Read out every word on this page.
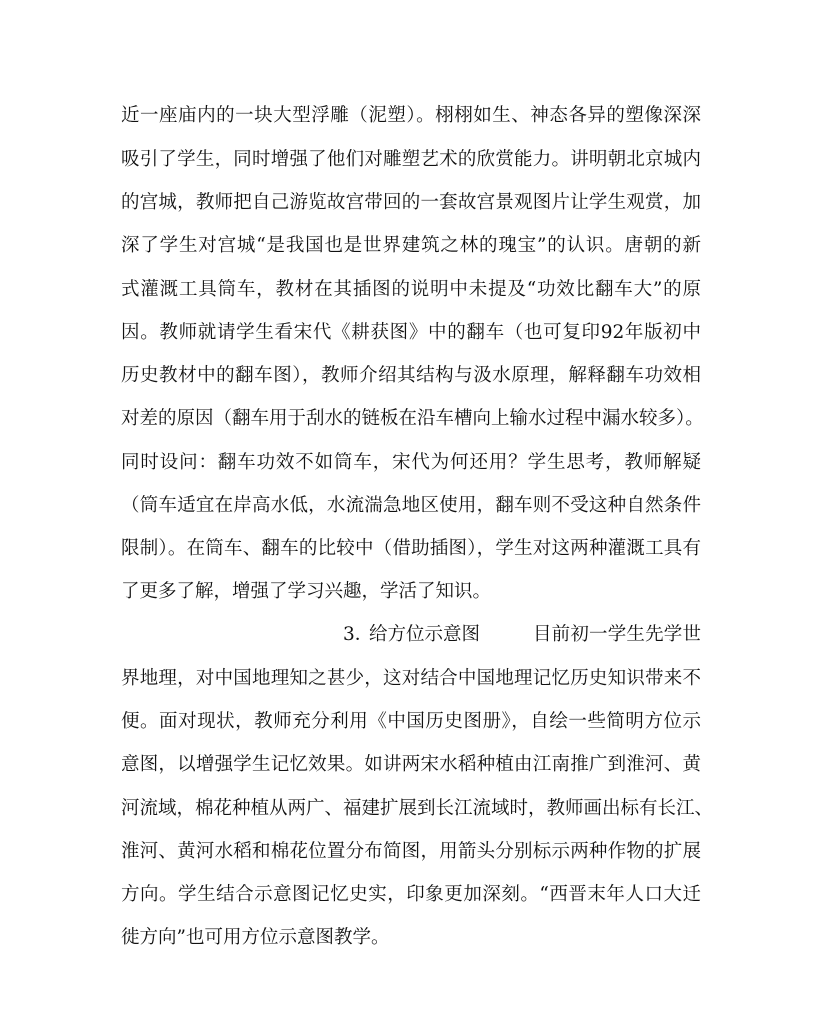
近一座庙内的一块大型浮雕（泥塑）。栩栩如生、神态各异的塑像深深
吸引了学生，同时增强了他们对雕塑艺术的欣赏能力。讲明朝北京城内
的宫城，教师把自己游览故宫带回的一套故宫景观图片让学生观赏，加
深了学生对宫城“是我国也是世界建筑之林的瑰宝”的认识。唐朝的新
式灌溉工具筒车，教材在其插图的说明中未提及“功效比翻车大”的原
因。教师就请学生看宋代《耕获图》中的翻车（也可复印92年版初中
历史教材中的翻车图），教师介绍其结构与汲水原理，解释翻车功效相
对差的原因（翻车用于刮水的链板在沿车槽向上输水过程中漏水较多）。
同时设问：翻车功效不如筒车，宋代为何还用？学生思考，教师解疑
（筒车适宜在岸高水低，水流湍急地区使用，翻车则不受这种自然条件
限制）。在筒车、翻车的比较中（借助插图），学生对这两种灌溉工具有
了更多了解，增强了学习兴趣，学活了知识。
3．
给方位示意图	目前初一学生先学世
界地理，对中国地理知之甚少，这对结合中国地理记忆历史知识带来不
便。面对现状，教师充分利用《中国历史图册》，自绘一些简明方位示
意图，以增强学生记忆效果。如讲两宋水稻种植由江南推广到淮河、黄
河流域，棉花种植从两广、福建扩展到长江流域时，教师画出标有长江、
淮河、黄河水稻和棉花位置分布简图，用箭头分别标示两种作物的扩展
方向。学生结合示意图记忆史实，印象更加深刻。“西晋末年人口大迁
徙方向”也可用方位示意图教学。
